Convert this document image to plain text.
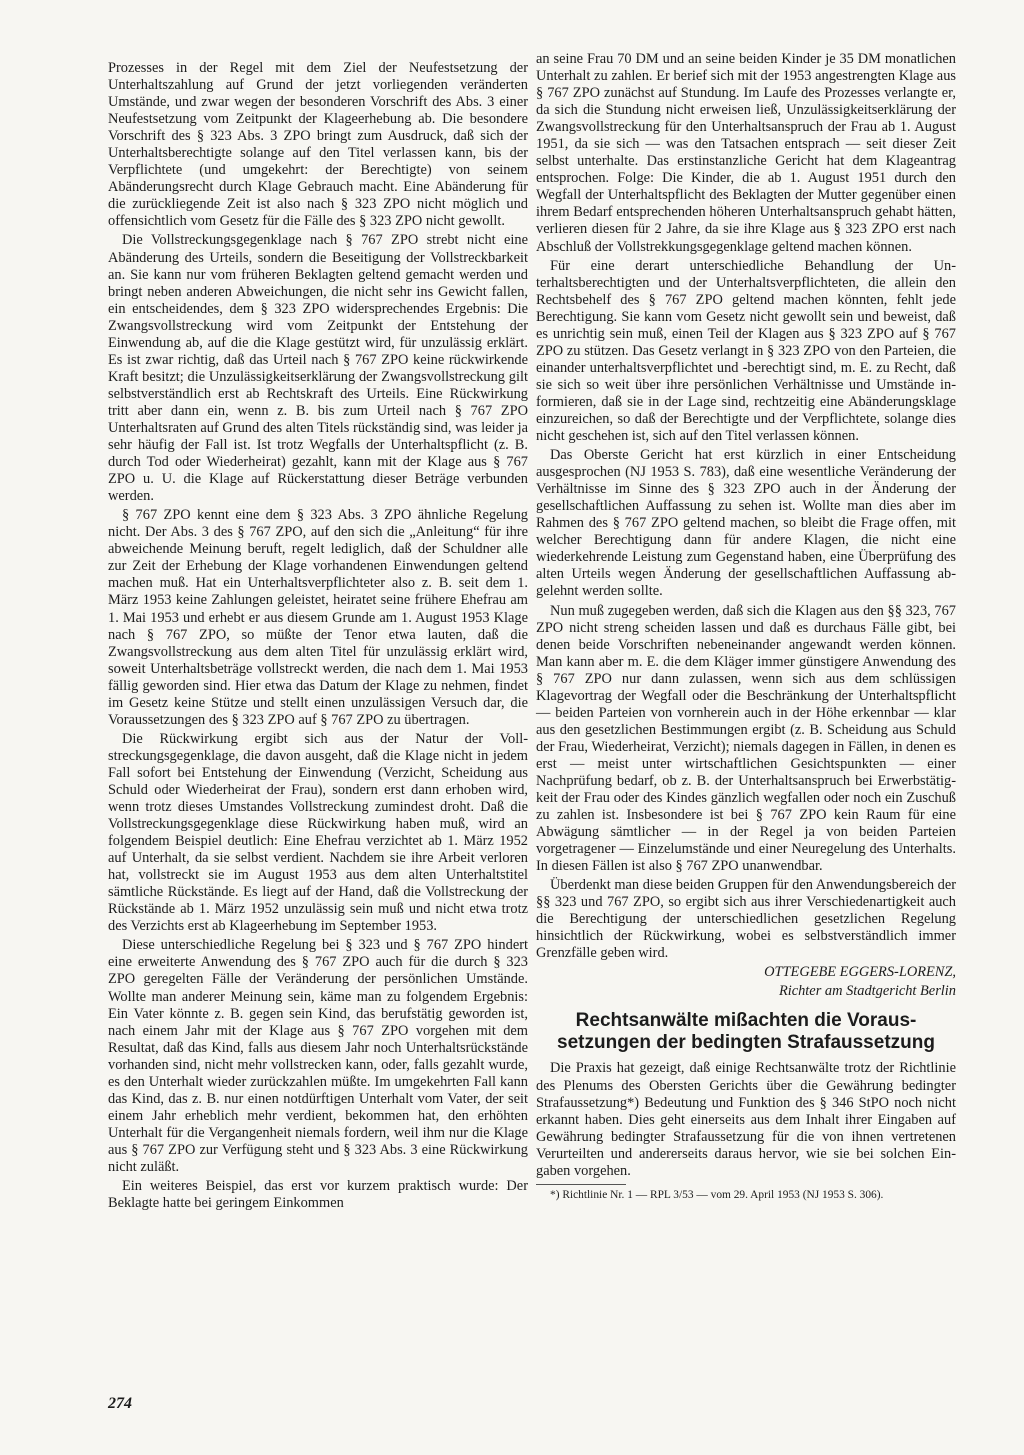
Prozesses in der Regel mit dem Ziel der Neufestsetzung der Unterhaltszahlung auf Grund der jetzt vorliegenden veränderten Umstände, und zwar wegen der besonderen Vorschrift des Abs. 3 einer Neufestsetzung vom Zeitpunkt der Klageerhebung ab. Die besondere Vorschrift des § 323 Abs. 3 ZPO bringt zum Ausdruck, daß sich der Unterhaltsberechtigte solange auf den Titel verlassen kann, bis der Verpflichtete (und umgekehrt: der Berechtigte) von seinem Abänderungsrecht durch Klage Gebrauch macht. Eine Abänderung für die zurückliegende Zeit ist also nach § 323 ZPO nicht möglich und offensichtlich vom Gesetz für die Fälle des § 323 ZPO nicht gewollt.

Die Vollstreckungsgegenklage nach § 767 ZPO strebt nicht eine Abänderung des Urteils, sondern die Beseitigung der Vollstreckbarkeit an. Sie kann nur vom früheren Beklagten geltend gemacht werden und bringt neben anderen Abweichungen, die nicht sehr ins Gewicht fallen, ein entscheidendes, dem § 323 ZPO widersprechendes Ergebnis: Die Zwangsvollstreckung wird vom Zeitpunkt der Entstehung der Einwendung ab, auf die die Klage gestützt wird, für unzulässig erklärt. Es ist zwar richtig, daß das Urteil nach § 767 ZPO keine rückwirkende Kraft besitzt; die Unzulässigkeitserklärung der Zwangsvollstreckung gilt selbstverständlich erst ab Rechtskraft des Urteils. Eine Rückwirkung tritt aber dann ein, wenn z. B. bis zum Urteil nach § 767 ZPO Unterhaltsraten auf Grund des alten Titels rückständig sind, was leider ja sehr häufig der Fall ist. Ist trotz Wegfalls der Unterhaltspflicht (z. B. durch Tod oder Wiederheirat) gezahlt, kann mit der Klage aus § 767 ZPO u. U. die Klage auf Rückerstattung dieser Beträge verbunden werden.

§ 767 ZPO kennt eine dem § 323 Abs. 3 ZPO ähnliche Regelung nicht. Der Abs. 3 des § 767 ZPO, auf den sich die „Anleitung“ für ihre abweichende Meinung beruft, regelt lediglich, daß der Schuldner alle zur Zeit der Erhebung der Klage vorhandenen Einwendungen geltend machen muß. Hat ein Unterhaltsverpflichteter also z. B. seit dem 1. März 1953 keine Zahlungen geleistet, heiratet seine frühere Ehefrau am 1. Mai 1953 und erhebt er aus diesem Grunde am 1. August 1953 Klage nach § 767 ZPO, so müßte der Tenor etwa lauten, daß die Zwangsvollstreckung aus dem alten Titel für unzulässig erklärt wird, soweit Unterhaltsbeträge vollstreckt werden, die nach dem 1. Mai 1953 fällig geworden sind. Hier etwa das Datum der Klage zu nehmen, findet im Gesetz keine Stütze und stellt einen unzulässigen Versuch dar, die Voraussetzungen des § 323 ZPO auf § 767 ZPO zu übertragen.

Die Rückwirkung ergibt sich aus der Natur der Vollstreckungsgegenklage, die davon ausgeht, daß die Klage nicht in jedem Fall sofort bei Entstehung der Einwendung (Verzicht, Scheidung aus Schuld oder Wiederheirat der Frau), sondern erst dann erhoben wird, wenn trotz dieses Umstandes Vollstreckung zumindest droht. Daß die Vollstreckungsgegenklage diese Rückwirkung haben muß, wird an folgendem Beispiel deutlich: Eine Ehefrau verzichtet ab 1. März 1952 auf Unterhalt, da sie selbst verdient. Nachdem sie ihre Arbeit verloren hat, vollstreckt sie im August 1953 aus dem alten Unterhaltstitel sämtliche Rückstände. Es liegt auf der Hand, daß die Vollstreckung der Rückstände ab 1. März 1952 unzulässig sein muß und nicht etwa trotz des Verzichts erst ab Klageerhebung im September 1953.

Diese unterschiedliche Regelung bei § 323 und § 767 ZPO hindert eine erweiterte Anwendung des § 767 ZPO auch für die durch § 323 ZPO geregelten Fälle der Veränderung der persönlichen Umstände. Wollte man anderer Meinung sein, käme man zu folgendem Ergebnis: Ein Vater könnte z. B. gegen sein Kind, das berufstätig geworden ist, nach einem Jahr mit der Klage aus § 767 ZPO vorgehen mit dem Resultat, daß das Kind, falls aus diesem Jahr noch Unterhaltsrückstände vorhanden sind, nicht mehr vollstrecken kann, oder, falls gezahlt wurde, es den Unterhalt wieder zurückzahlen müßte. Im umgekehrten Fall kann das Kind, das z. B. nur einen notdürftigen Unterhalt vom Vater, der seit einem Jahr erheblich mehr verdient, bekommen hat, den erhöhten Unterhalt für die Vergangenheit niemals fordern, weil ihm nur die Klage aus § 767 ZPO zur Verfügung steht und § 323 Abs. 3 eine Rückwirkung nicht zuläßt.

Ein weiteres Beispiel, das erst vor kurzem praktisch wurde: Der Beklagte hatte bei geringem Einkommen

an seine Frau 70 DM und an seine beiden Kinder je 35 DM monatlichen Unterhalt zu zahlen. Er berief sich mit der 1953 angestrengten Klage aus § 767 ZPO zunächst auf Stundung. Im Laufe des Prozesses verlangte er, da sich die Stundung nicht erweisen ließ, Unzulässigkeitserklärung der Zwangsvollstreckung für den Unterhaltsanspruch der Frau ab 1. August 1951, da sie sich — was den Tatsachen entsprach — seit dieser Zeit selbst unterhalte. Das erstinstanzliche Gericht hat dem Klageantrag entsprochen. Folge: Die Kinder, die ab 1. August 1951 durch den Wegfall der Unterhaltspflicht des Beklagten der Mutter gegenüber einen ihrem Bedarf entsprechenden höheren Unterhaltsanspruch gehabt hätten, verlieren diesen für 2 Jahre, da sie ihre Klage aus § 323 ZPO erst nach Abschluß der Vollstrekkungsgegenklage geltend machen können.

Für eine derart unterschiedliche Behandlung der Unterhaltsberechtigten und der Unterhaltsverpflichteten, die allein den Rechtsbehelf des § 767 ZPO geltend machen könnten, fehlt jede Berechtigung. Sie kann vom Gesetz nicht gewollt sein und beweist, daß es unrichtig sein muß, einen Teil der Klagen aus § 323 ZPO auf § 767 ZPO zu stützen. Das Gesetz verlangt in § 323 ZPO von den Parteien, die einander unterhaltsverpflichtet und -berechtigt sind, m. E. zu Recht, daß sie sich so weit über ihre persönlichen Verhältnisse und Umstände informieren, daß sie in der Lage sind, rechtzeitig eine Abänderungsklage einzureichen, so daß der Berechtigte und der Verpflichtete, solange dies nicht geschehen ist, sich auf den Titel verlassen können.

Das Oberste Gericht hat erst kürzlich in einer Entscheidung ausgesprochen (NJ 1953 S. 783), daß eine wesentliche Veränderung der Verhältnisse im Sinne des § 323 ZPO auch in der Änderung der gesellschaftlichen Auffassung zu sehen ist. Wollte man dies aber im Rahmen des § 767 ZPO geltend machen, so bleibt die Frage offen, mit welcher Berechtigung dann für andere Klagen, die nicht eine wiederkehrende Leistung zum Gegenstand haben, eine Überprüfung des alten Urteils wegen Änderung der gesellschaftlichen Auffassung abgelehnt werden sollte.

Nun muß zugegeben werden, daß sich die Klagen aus den §§ 323, 767 ZPO nicht streng scheiden lassen und daß es durchaus Fälle gibt, bei denen beide Vorschriften nebeneinander angewandt werden können. Man kann aber m. E. die dem Kläger immer günstigere Anwendung des § 767 ZPO nur dann zulassen, wenn sich aus dem schlüssigen Klagevortrag der Wegfall oder die Beschränkung der Unterhaltspflicht — beiden Parteien von vornherein auch in der Höhe erkennbar — klar aus den gesetzlichen Bestimmungen ergibt (z. B. Scheidung aus Schuld der Frau, Wiederheirat, Verzicht); niemals dagegen in Fällen, in denen es erst — meist unter wirtschaftlichen Gesichtspunkten — einer Nachprüfung bedarf, ob z. B. der Unterhaltsanspruch bei Erwerbstätigkeit der Frau oder des Kindes gänzlich wegfallen oder noch ein Zuschuß zu zahlen ist. Insbesondere ist bei § 767 ZPO kein Raum für eine Abwägung sämtlicher — in der Regel ja von beiden Parteien vorgetragener — Einzelumstände und einer Neuregelung des Unterhalts. In diesen Fällen ist also § 767 ZPO unanwendbar.

Überdenkt man diese beiden Gruppen für den Anwendungsbereich der §§ 323 und 767 ZPO, so ergibt sich aus ihrer Verschiedenartigkeit auch die Berechtigung der unterschiedlichen gesetzlichen Regelung hinsichtlich der Rückwirkung, wobei es selbstverständlich immer Grenzfälle geben wird.

OTTEGEBE EGGERS-LORENZ,

Richter am Stadtgericht Berlin

Rechtsanwälte mißachten die Voraussetzungen der bedingten Strafaussetzung

Die Praxis hat gezeigt, daß einige Rechtsanwälte trotz der Richtlinie des Plenums des Obersten Gerichts über die Gewährung bedingter Strafaussetzung*) Bedeutung und Funktion des § 346 StPO noch nicht erkannt haben. Dies geht einerseits aus dem Inhalt ihrer Eingaben auf Gewährung bedingter Strafaussetzung für die von ihnen vertretenen Verurteilten und andererseits daraus hervor, wie sie bei solchen Eingaben vorgehen.

*) Richtlinie Nr. 1 — RPL 3/53 — vom 29. April 1953 (NJ 1953 S. 306).

274
